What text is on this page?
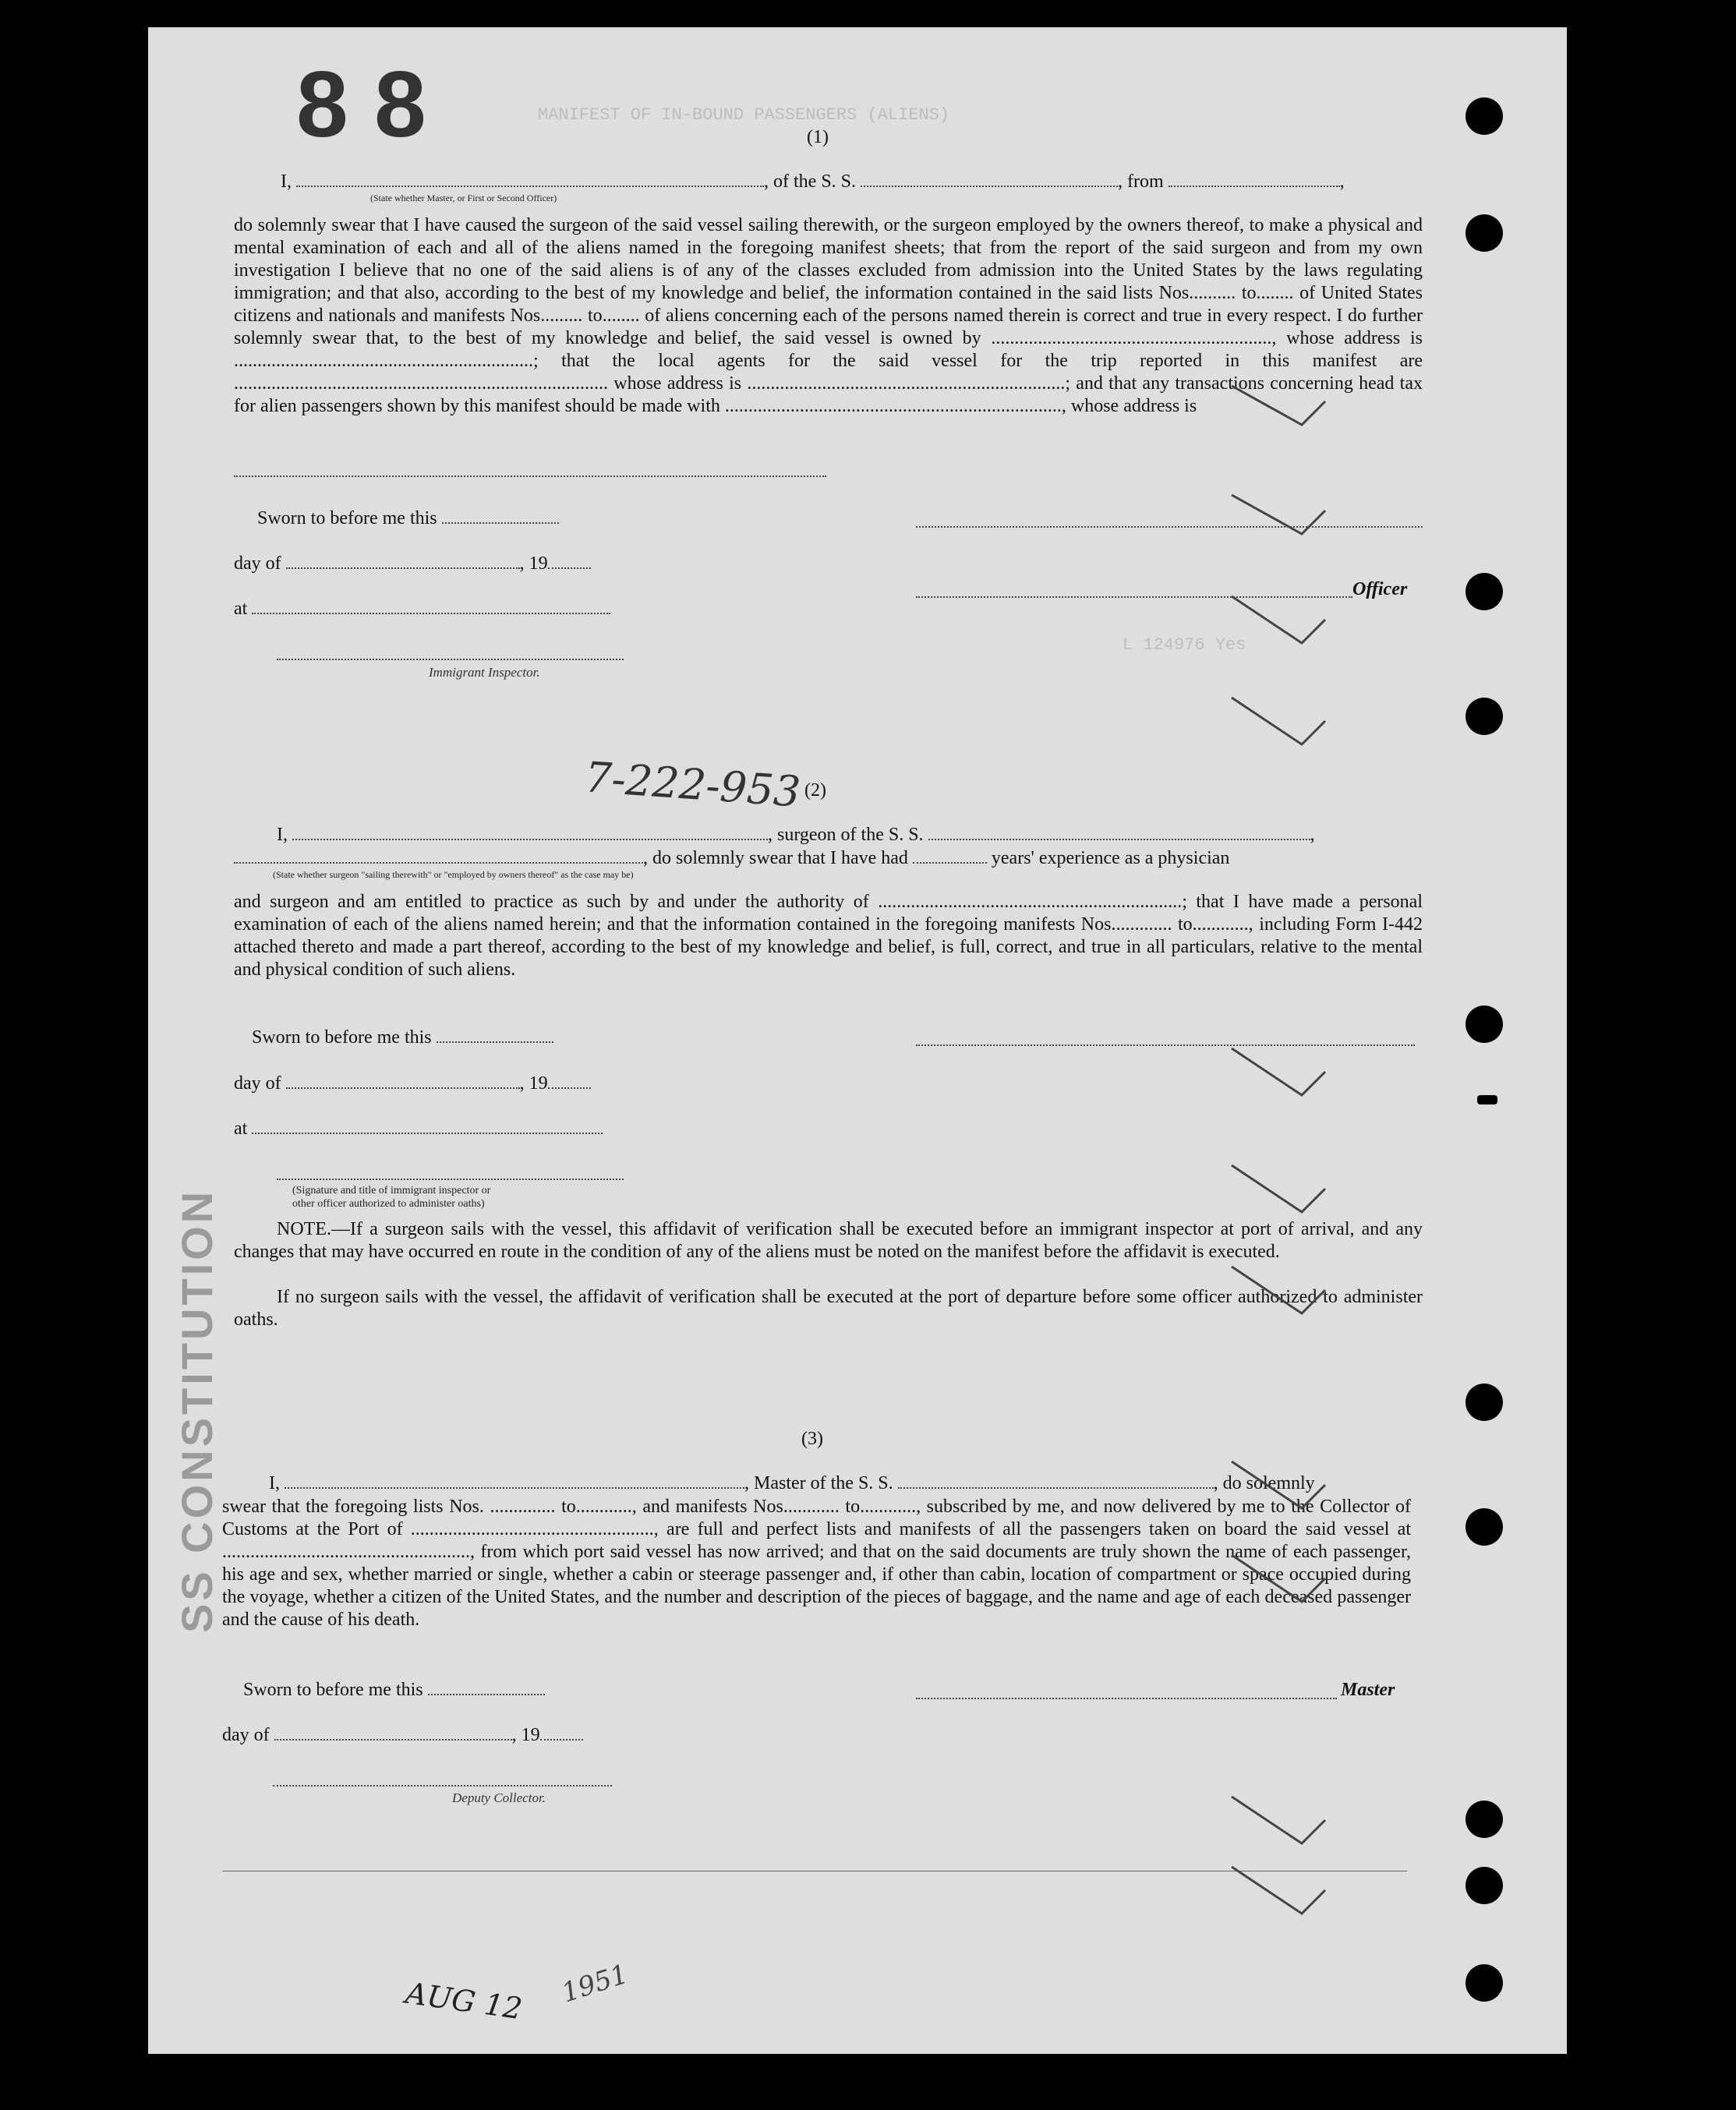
8 8	MANIFEST OF IN-BOUND PASSENGERS (ALIENS)
L 124976 Yes
(1)
I,	, of the S. S.	, from	,
(State whether Master, or First or Second Officer)
do solemnly swear that I have caused the surgeon of the said vessel sailing therewith, or the surgeon employed by the owners thereof, to make a physical and mental examination of each and all of the aliens named in the foregoing manifest sheets; that from the report of the said surgeon and from my own investigation I believe that no one of the said aliens is of any of the classes excluded from admission into the United States by the laws regulating immigration; and that also, according to the best of my knowledge and belief, the information contained in the said lists Nos.......... to........ of United States citizens and nationals and manifests Nos......... to........ of aliens concerning each of the persons named therein is correct and true in every respect. I do further solemnly swear that, to the best of my knowledge and belief, the said vessel is owned by ............................................................, whose address is ................................................................; that the local agents for the said vessel for the trip reported in this manifest are ................................................................................ whose address is ....................................................................; and that any transactions concerning head tax for alien passengers shown by this manifest should be made with ........................................................................, whose address is
Sworn to before me this
day of	, 19
Officer
at
Immigrant Inspector.
7-222-953 (2)
I,	, surgeon of the S. S.	,
, do solemnly swear that I have had	years' experience as a physician
(State whether surgeon "sailing therewith" or "employed by owners thereof" as the case may be)
and surgeon and am entitled to practice as such by and under the authority of .................................................................; that I have made a personal examination of each of the aliens named herein; and that the information contained in the foregoing manifests Nos............. to............, including Form I-442 attached thereto and made a part thereof, according to the best of my knowledge and belief, is full, correct, and true in all particulars, relative to the mental and physical condition of such aliens.
Sworn to before me this
day of	, 19
at
(Signature and title of immigrant inspector or
other officer authorized to administer oaths)
NOTE.—If a surgeon sails with the vessel, this affidavit of verification shall be executed before an immigrant inspector at port of arrival, and any changes that may have occurred en route in the condition of any of the aliens must be noted on the manifest before the affidavit is executed.
If no surgeon sails with the vessel, the affidavit of verification shall be executed at the port of departure before some officer authorized to administer oaths.
SS CONSTITUTION	(3)
I,	, Master of the S. S.	, do solemnly
swear that the foregoing lists Nos. .............. to............, and manifests Nos............ to............, subscribed by me, and now delivered by me to the Collector of Customs at the Port of ...................................................., are full and perfect lists and manifests of all the passengers taken on board the said vessel at ....................................................., from which port said vessel has now arrived; and that on the said documents are truly shown the name of each passenger, his age and sex, whether married or single, whether a cabin or steerage passenger and, if other than cabin, location of compartment or space occupied during the voyage, whether a citizen of the United States, and the number and description of the pieces of baggage, and the name and age of each deceased passenger and the cause of his death.
Sworn to before me this	Master
day of	, 19
Deputy Collector.
AUG 12 1951
